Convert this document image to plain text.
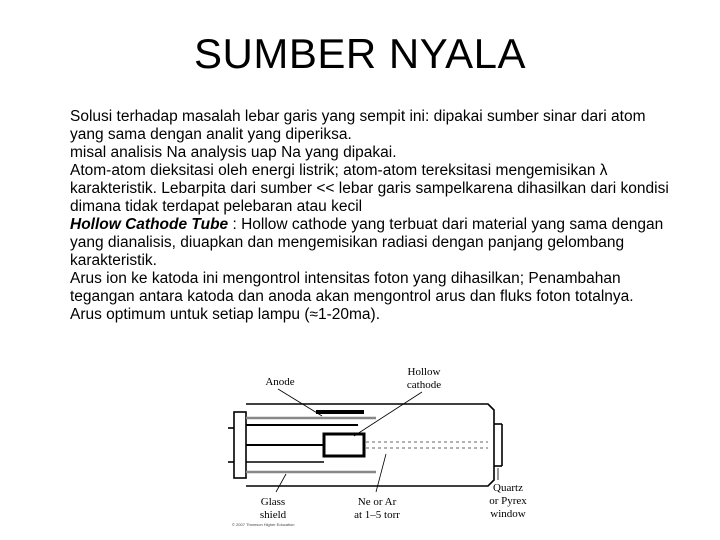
SUMBER NYALA
• Solusi terhadap masalah lebar garis yang sempit ini: dipakai sumber sinar dari atom yang sama dengan analit yang diperiksa.
• misal analisis Na analysis uap Na yang dipakai.
• Atom-atom dieksitasi oleh energi listrik; atom-atom tereksitasi mengemisikan λ karakteristik. Lebarpita dari sumber << lebar garis sampelkarena dihasilkan dari kondisi dimana tidak terdapat pelebaran atau kecil
• Hollow Cathode Tube : Hollow cathode yang terbuat dari material yang sama dengan yang dianalisis, diuapkan dan mengemisikan radiasi dengan panjang gelombang karakteristik.
• Arus ion ke katoda ini mengontrol intensitas foton yang dihasilkan; Penambahan tegangan antara katoda dan anoda akan mengontrol arus dan fluks foton totalnya.
• Arus optimum untuk setiap lampu (≈1-20ma).
Anode
Hollow
cathode
Glass
shield
Ne or Ar
at 1–5 torr
Quartz
or Pyrex
window
© 2007 Thomson Higher Education
